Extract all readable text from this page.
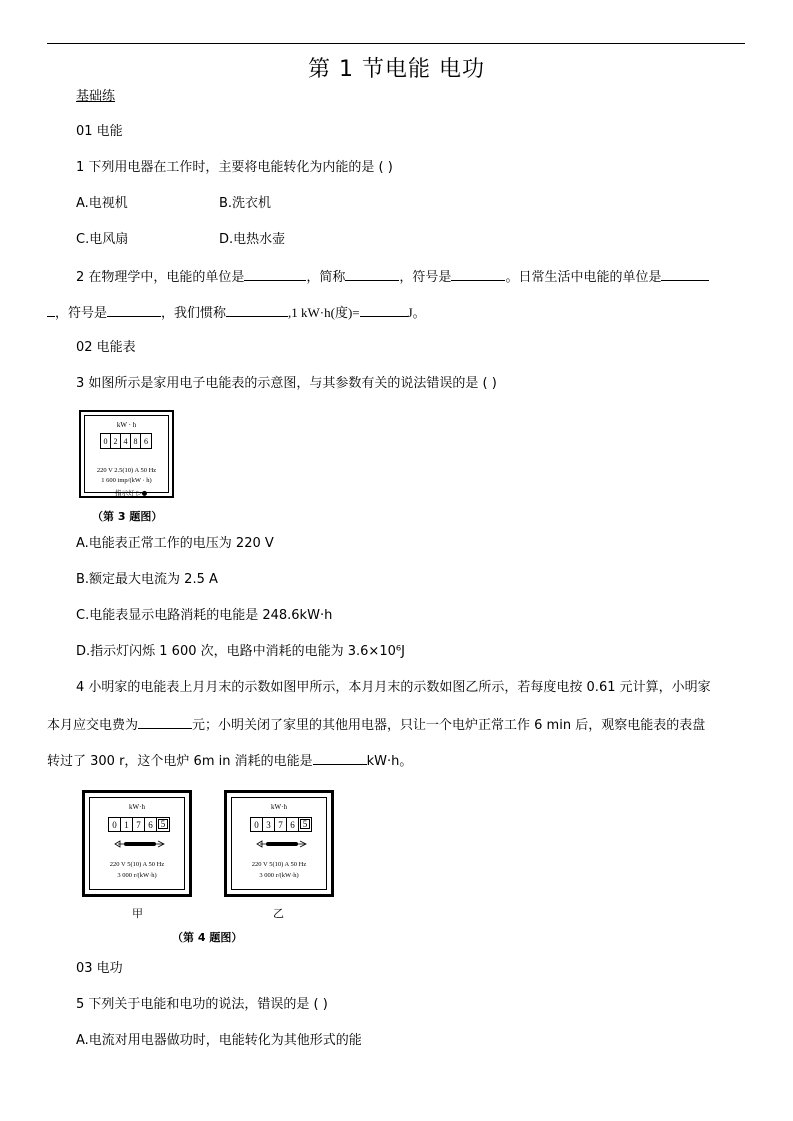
第 1 节电能 电功
基础练
01 电能
1 下列用电器在工作时，主要将电能转化为内能的是 ( )
A.电视机	B.洗衣机
C.电风扇	D.电热水壶
2 在物理学中，电能的单位是	，简称	，符号是	。日常生活中电能的单位是
，符号是	，我们惯称	,1 kW·h(度)=	J。
02 电能表
3 如图所示是家用电子电能表的示意图，与其参数有关的说法错误的是 ( )
kW · h
0 2 4 8 6
220 V 2.5(10) A 50 Hz
1 600 imp/(kW · h)
指示灯 ▷●
（第 3 题图）
A.电能表正常工作的电压为 220 V
B.额定最大电流为 2.5 A
C.电能表显示电路消耗的电能是 248.6kW·h
D.指示灯闪烁 1 600 次，电路中消耗的电能为 3.6×10⁶J
4 小明家的电能表上月月末的示数如图甲所示，本月月末的示数如图乙所示，若每度电按 0.61 元计算，小明家
本月应交电费为	元；小明关闭了家里的其他用电器，只让一个电炉正常工作 6 min 后，观察电能表的表盘
转过了 300 r，这个电炉 6m in 消耗的电能是	kW·h。
kW·h
0 1 7 6 5
220 V 5(10) A 50 Hz
3 000 r/(kW·h)
甲
kW·h
0 3 7 6 5
220 V 5(10) A 50 Hz
3 000 r/(kW·h)
乙
（第 4 题图）
03 电功
5 下列关于电能和电功的说法，错误的是 ( )
A.电流对用电器做功时，电能转化为其他形式的能
